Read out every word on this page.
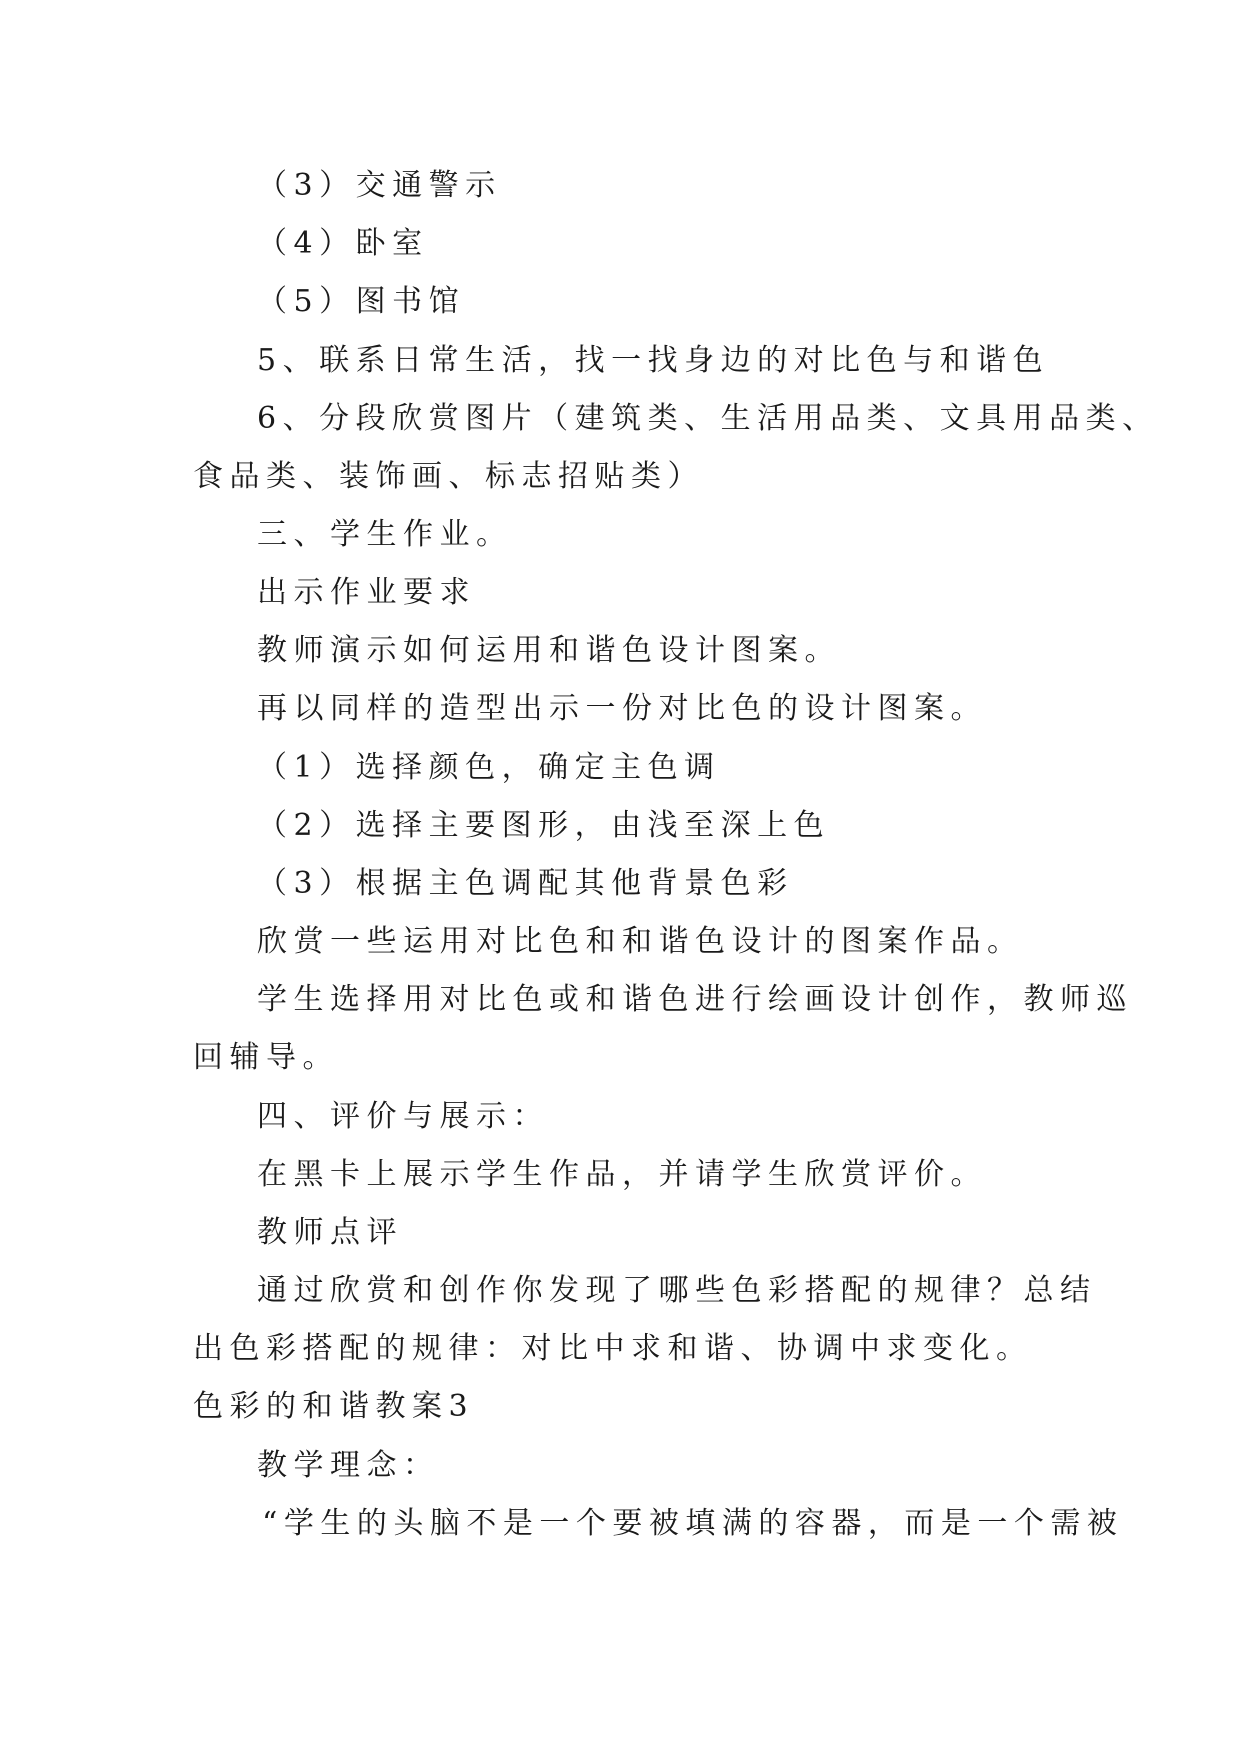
（3）交通警示
（4）卧室
（5）图书馆
5、联系日常生活，找一找身边的对比色与和谐色
6、分段欣赏图片（建筑类、生活用品类、文具用品类、
食品类、装饰画、标志招贴类）
三、学生作业。
出示作业要求
教师演示如何运用和谐色设计图案。
再以同样的造型出示一份对比色的设计图案。
（1）选择颜色，确定主色调
（2）选择主要图形，由浅至深上色
（3）根据主色调配其他背景色彩
欣赏一些运用对比色和和谐色设计的图案作品。
学生选择用对比色或和谐色进行绘画设计创作，教师巡
回辅导。
四、评价与展示：
在黑卡上展示学生作品，并请学生欣赏评价。
教师点评
通过欣赏和创作你发现了哪些色彩搭配的规律？总结
出色彩搭配的规律：对比中求和谐、协调中求变化。
色彩的和谐教案3
教学理念：
“学生的头脑不是一个要被填满的容器，而是一个需被
